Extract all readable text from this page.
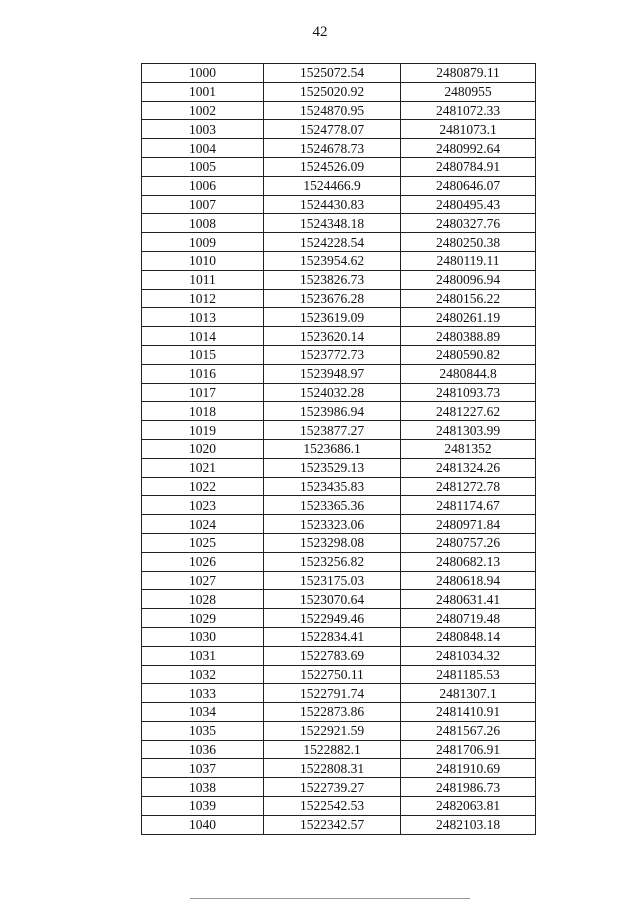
42
1000	1525072.54	2480879.11
1001	1525020.92	2480955
1002	1524870.95	2481072.33
1003	1524778.07	2481073.1
1004	1524678.73	2480992.64
1005	1524526.09	2480784.91
1006	1524466.9	2480646.07
1007	1524430.83	2480495.43
1008	1524348.18	2480327.76
1009	1524228.54	2480250.38
1010	1523954.62	2480119.11
1011	1523826.73	2480096.94
1012	1523676.28	2480156.22
1013	1523619.09	2480261.19
1014	1523620.14	2480388.89
1015	1523772.73	2480590.82
1016	1523948.97	2480844.8
1017	1524032.28	2481093.73
1018	1523986.94	2481227.62
1019	1523877.27	2481303.99
1020	1523686.1	2481352
1021	1523529.13	2481324.26
1022	1523435.83	2481272.78
1023	1523365.36	2481174.67
1024	1523323.06	2480971.84
1025	1523298.08	2480757.26
1026	1523256.82	2480682.13
1027	1523175.03	2480618.94
1028	1523070.64	2480631.41
1029	1522949.46	2480719.48
1030	1522834.41	2480848.14
1031	1522783.69	2481034.32
1032	1522750.11	2481185.53
1033	1522791.74	2481307.1
1034	1522873.86	2481410.91
1035	1522921.59	2481567.26
1036	1522882.1	2481706.91
1037	1522808.31	2481910.69
1038	1522739.27	2481986.73
1039	1522542.53	2482063.81
1040	1522342.57	2482103.18
